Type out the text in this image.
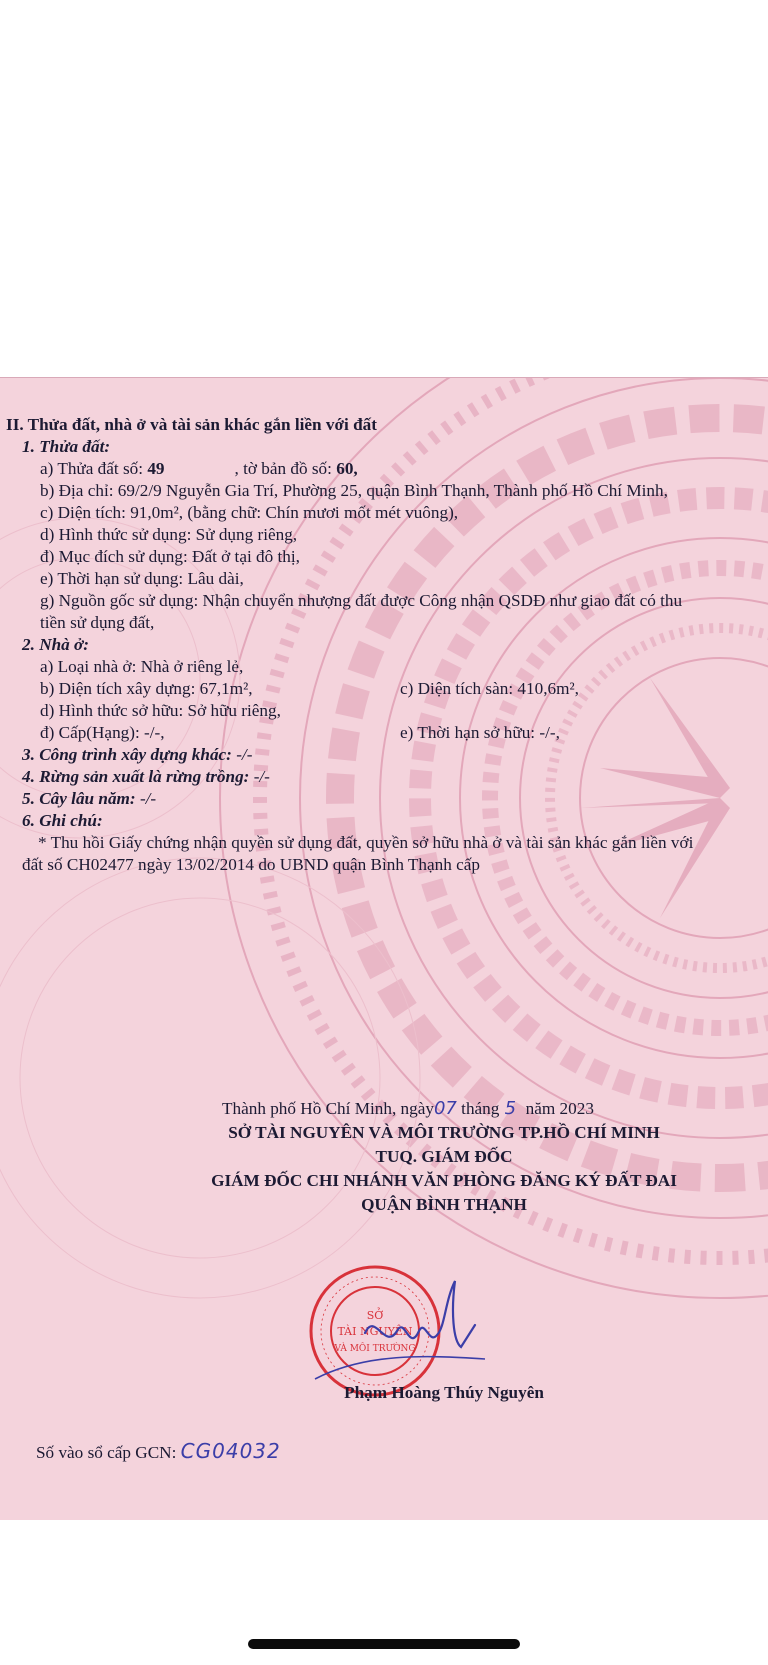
II. Thửa đất, nhà ở và tài sản khác gắn liền với đất
1. Thửa đất:
a) Thửa đất số: 49	, tờ bản đồ số: 60,
b) Địa chỉ: 69/2/9 Nguyễn Gia Trí, Phường 25, quận Bình Thạnh, Thành phố Hồ Chí Minh,
c) Diện tích: 91,0m², (bằng chữ: Chín mươi mốt mét vuông),
d) Hình thức sử dụng: Sử dụng riêng,
đ) Mục đích sử dụng: Đất ở tại đô thị,
e) Thời hạn sử dụng: Lâu dài,
g) Nguồn gốc sử dụng: Nhận chuyển nhượng đất được Công nhận QSDĐ như giao đất có thu
tiền sử dụng đất,
2. Nhà ở:
a) Loại nhà ở: Nhà ở riêng lẻ,
b) Diện tích xây dựng: 67,1m²,	c) Diện tích sàn: 410,6m²,
d) Hình thức sở hữu: Sở hữu riêng,
đ) Cấp(Hạng): -/-,	e) Thời hạn sở hữu: -/-,
3. Công trình xây dựng khác: -/-
4. Rừng sản xuất là rừng trồng: -/-
5. Cây lâu năm: -/-
6. Ghi chú:
* Thu hồi Giấy chứng nhận quyền sử dụng đất, quyền sở hữu nhà ở và tài sản khác gắn liền với
đất số CH02477 ngày 13/02/2014 do UBND quận Bình Thạnh cấp
Thành phố Hồ Chí Minh, ngày07 tháng 5 năm 2023
SỞ TÀI NGUYÊN VÀ MÔI TRƯỜNG TP.HỒ CHÍ MINH
TUQ. GIÁM ĐỐC
GIÁM ĐỐC CHI NHÁNH VĂN PHÒNG ĐĂNG KÝ ĐẤT ĐAI
QUẬN BÌNH THẠNH
SỞ
TÀI NGUYÊN
VÀ MÔI TRƯỜNG
Phạm Hoàng Thúy Nguyên
Số vào sổ cấp GCN: CG04032
